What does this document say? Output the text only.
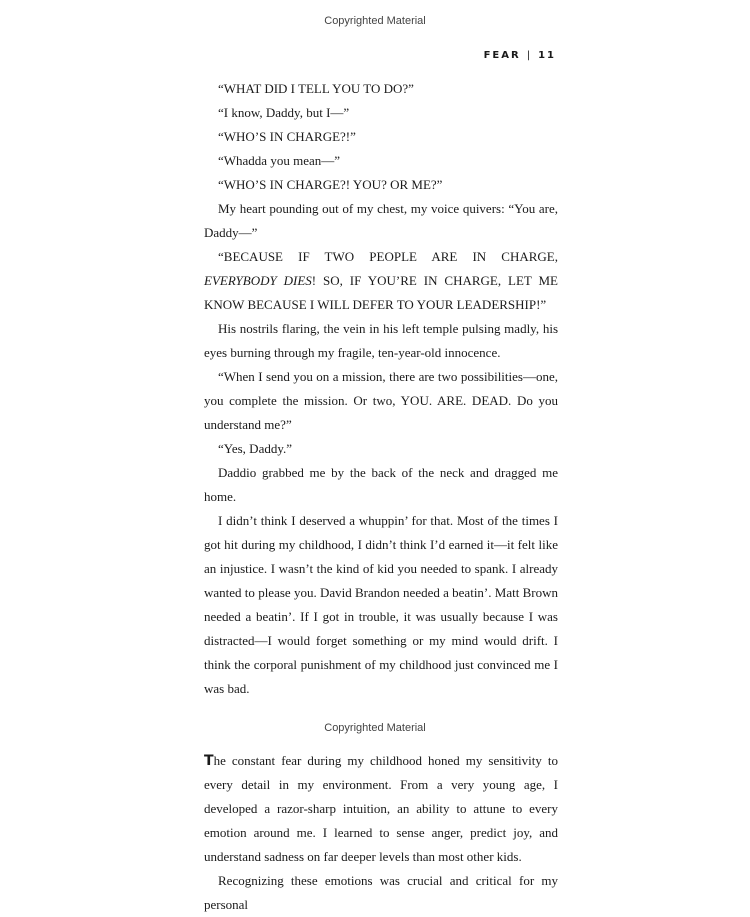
Copyrighted Material
FEAR | 11

“WHAT DID I TELL YOU TO DO?”

“I know, Daddy, but I—”

“WHO’S IN CHARGE?!”

“Whadda you mean—”

“WHO’S IN CHARGE?! YOU? OR ME?”

My heart pounding out of my chest, my voice quivers: “You are, Daddy—”

“BECAUSE IF TWO PEOPLE ARE IN CHARGE, EVERYBODY DIES! SO, IF YOU’RE IN CHARGE, LET ME KNOW BECAUSE I WILL DEFER TO YOUR LEADERSHIP!”

His nostrils flaring, the vein in his left temple pulsing madly, his eyes burning through my fragile, ten-year-old innocence.

“When I send you on a mission, there are two possibilities—one, you complete the mission. Or two, YOU. ARE. DEAD. Do you understand me?”

“Yes, Daddy.”

Daddio grabbed me by the back of the neck and dragged me home.

I didn’t think I deserved a whuppin’ for that. Most of the times I got hit during my childhood, I didn’t think I’d earned it—it felt like an injustice. I wasn’t the kind of kid you needed to spank. I already wanted to please you. David Brandon needed a beatin’. Matt Brown needed a beatin’. If I got in trouble, it was usually because I was distracted—I would forget something or my mind would drift. I think the corporal punishment of my childhood just convinced me I was bad.

The constant fear during my childhood honed my sensitivity to every detail in my environment. From a very young age, I developed a razor-sharp intuition, an ability to attune to every emotion around me. I learned to sense anger, predict joy, and understand sadness on far deeper levels than most other kids.

Recognizing these emotions was crucial and critical for my personal

Copyrighted Material
